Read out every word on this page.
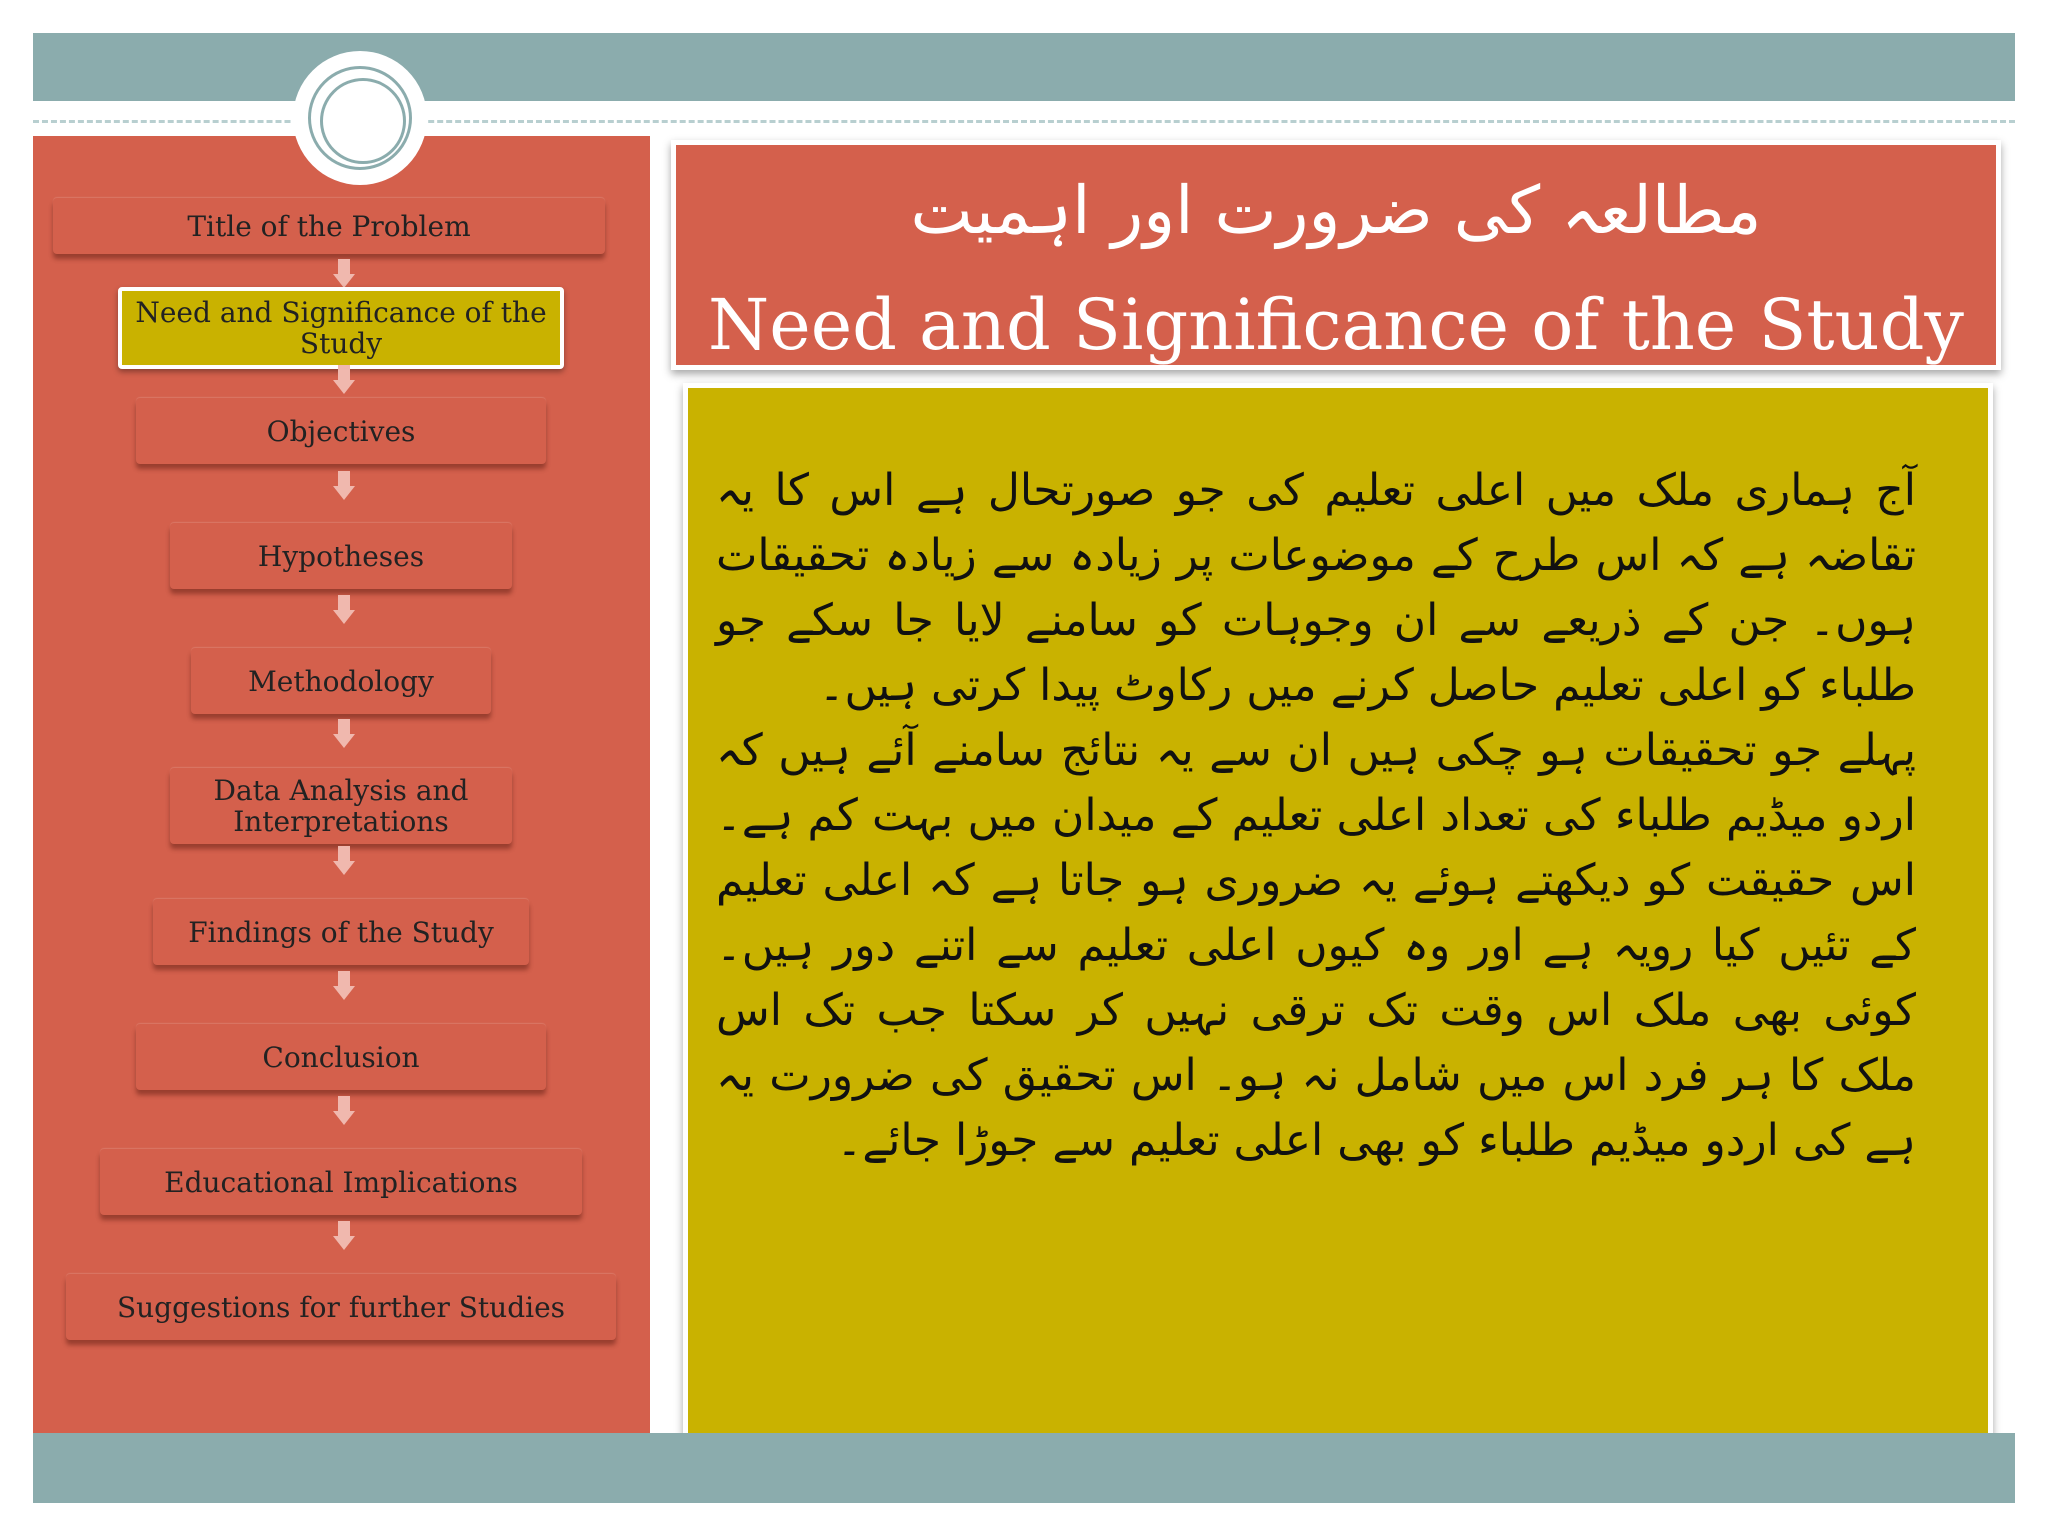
Title of the Problem
Need and Significance of the Study
Objectives
Hypotheses
Methodology
Data Analysis and Interpretations
Findings of the Study
Conclusion
Educational Implications
Suggestions for further Studies
مطالعہ کی ضرورت اور اہمیت
Need and Significance of the Study

آج ہماری ملک میں اعلی تعلیم کی جو صورتحال ہے اس کا یہ تقاضہ ہے کہ اس طرح کے موضوعات پر زیادہ سے زیادہ تحقیقات ہوں۔ جن کے ذریعے سے ان وجوہات کو سامنے لایا جا سکے جو طلباء کو اعلی تعلیم حاصل کرنے میں رکاوٹ پیدا کرتی ہیں۔

پہلے جو تحقیقات ہو چکی ہیں ان سے یہ نتائج سامنے آئے ہیں کہ اردو میڈیم طلباء کی تعداد اعلی تعلیم کے میدان میں بہت کم ہے۔ اس حقیقت کو دیکھتے ہوئے یہ ضروری ہو جاتا ہے کہ اعلی تعلیم کے تئیں کیا رویہ ہے اور وہ کیوں اعلی تعلیم سے اتنے دور ہیں۔ کوئی بھی ملک اس وقت تک ترقی نہیں کر سکتا جب تک اس ملک کا ہر فرد اس میں شامل نہ ہو۔ اس تحقیق کی ضرورت یہ ہے کی اردو میڈیم طلباء کو بھی اعلی تعلیم سے جوڑا جائے۔
